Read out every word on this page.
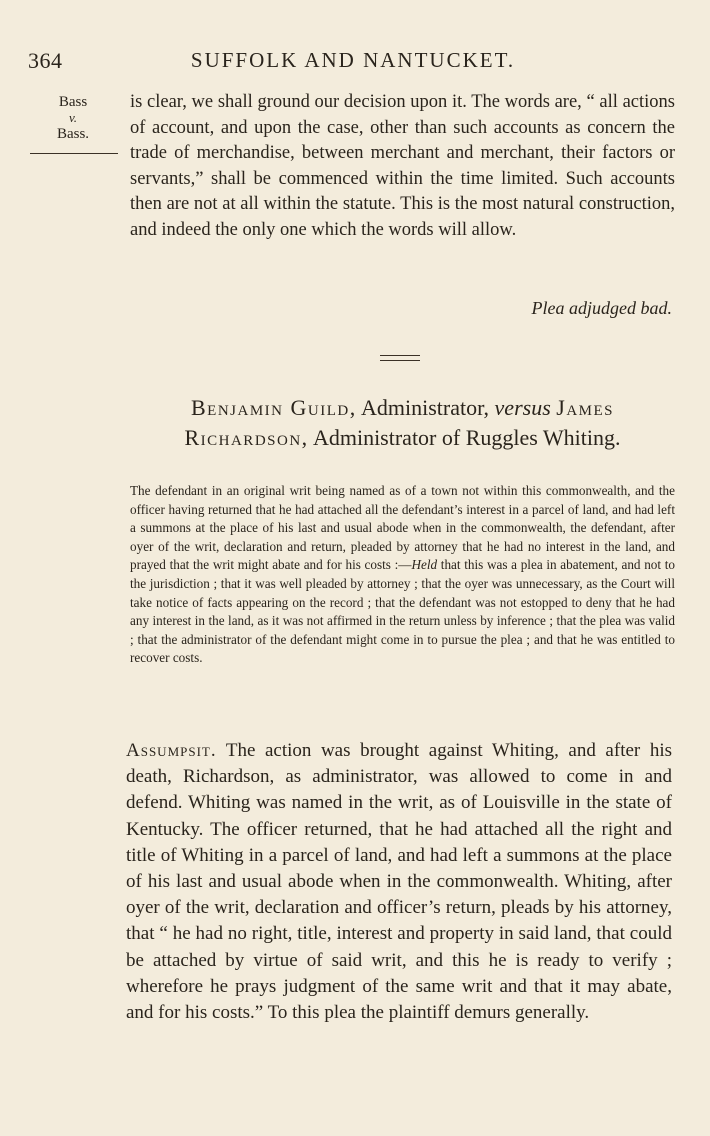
364	SUFFOLK AND NANTUCKET.
Bass
v.
Bass.
is clear, we shall ground our decision upon it. The words are, “ all actions of account, and upon the case, other than such accounts as concern the trade of merchandise, between merchant and merchant, their factors or servants,” shall be commenced within the time limited. Such accounts then are not at all within the statute. This is the most natural construction, and indeed the only one which the words will allow.
Plea adjudged bad.
Benjamin Guild, Administrator, versus James
Richardson, Administrator of Ruggles Whiting.
The defendant in an original writ being named as of a town not within this commonwealth, and the officer having returned that he had attached all the defendant’s interest in a parcel of land, and had left a summons at the place of his last and usual abode when in the commonwealth, the defendant, after oyer of the writ, declaration and return, pleaded by attorney that he had no interest in the land, and prayed that the writ might abate and for his costs :—Held that this was a plea in abatement, and not to the jurisdiction ; that it was well pleaded by attorney ; that the oyer was unnecessary, as the Court will take notice of facts appearing on the record ; that the defendant was not estopped to deny that he had any interest in the land, as it was not affirmed in the return unless by inference ; that the plea was valid ; that the administrator of the defendant might come in to pursue the plea ; and that he was entitled to recover costs.
Assumpsit. The action was brought against Whiting, and after his death, Richardson, as administrator, was allowed to come in and defend. Whiting was named in the writ, as of Louisville in the state of Kentucky. The officer returned, that he had attached all the right and title of Whiting in a parcel of land, and had left a summons at the place of his last and usual abode when in the commonwealth. Whiting, after oyer of the writ, declaration and officer’s return, pleads by his attorney, that “ he had no right, title, interest and property in said land, that could be attached by virtue of said writ, and this he is ready to verify ; wherefore he prays judgment of the same writ and that it may abate, and for his costs.” To this plea the plaintiff demurs generally.
